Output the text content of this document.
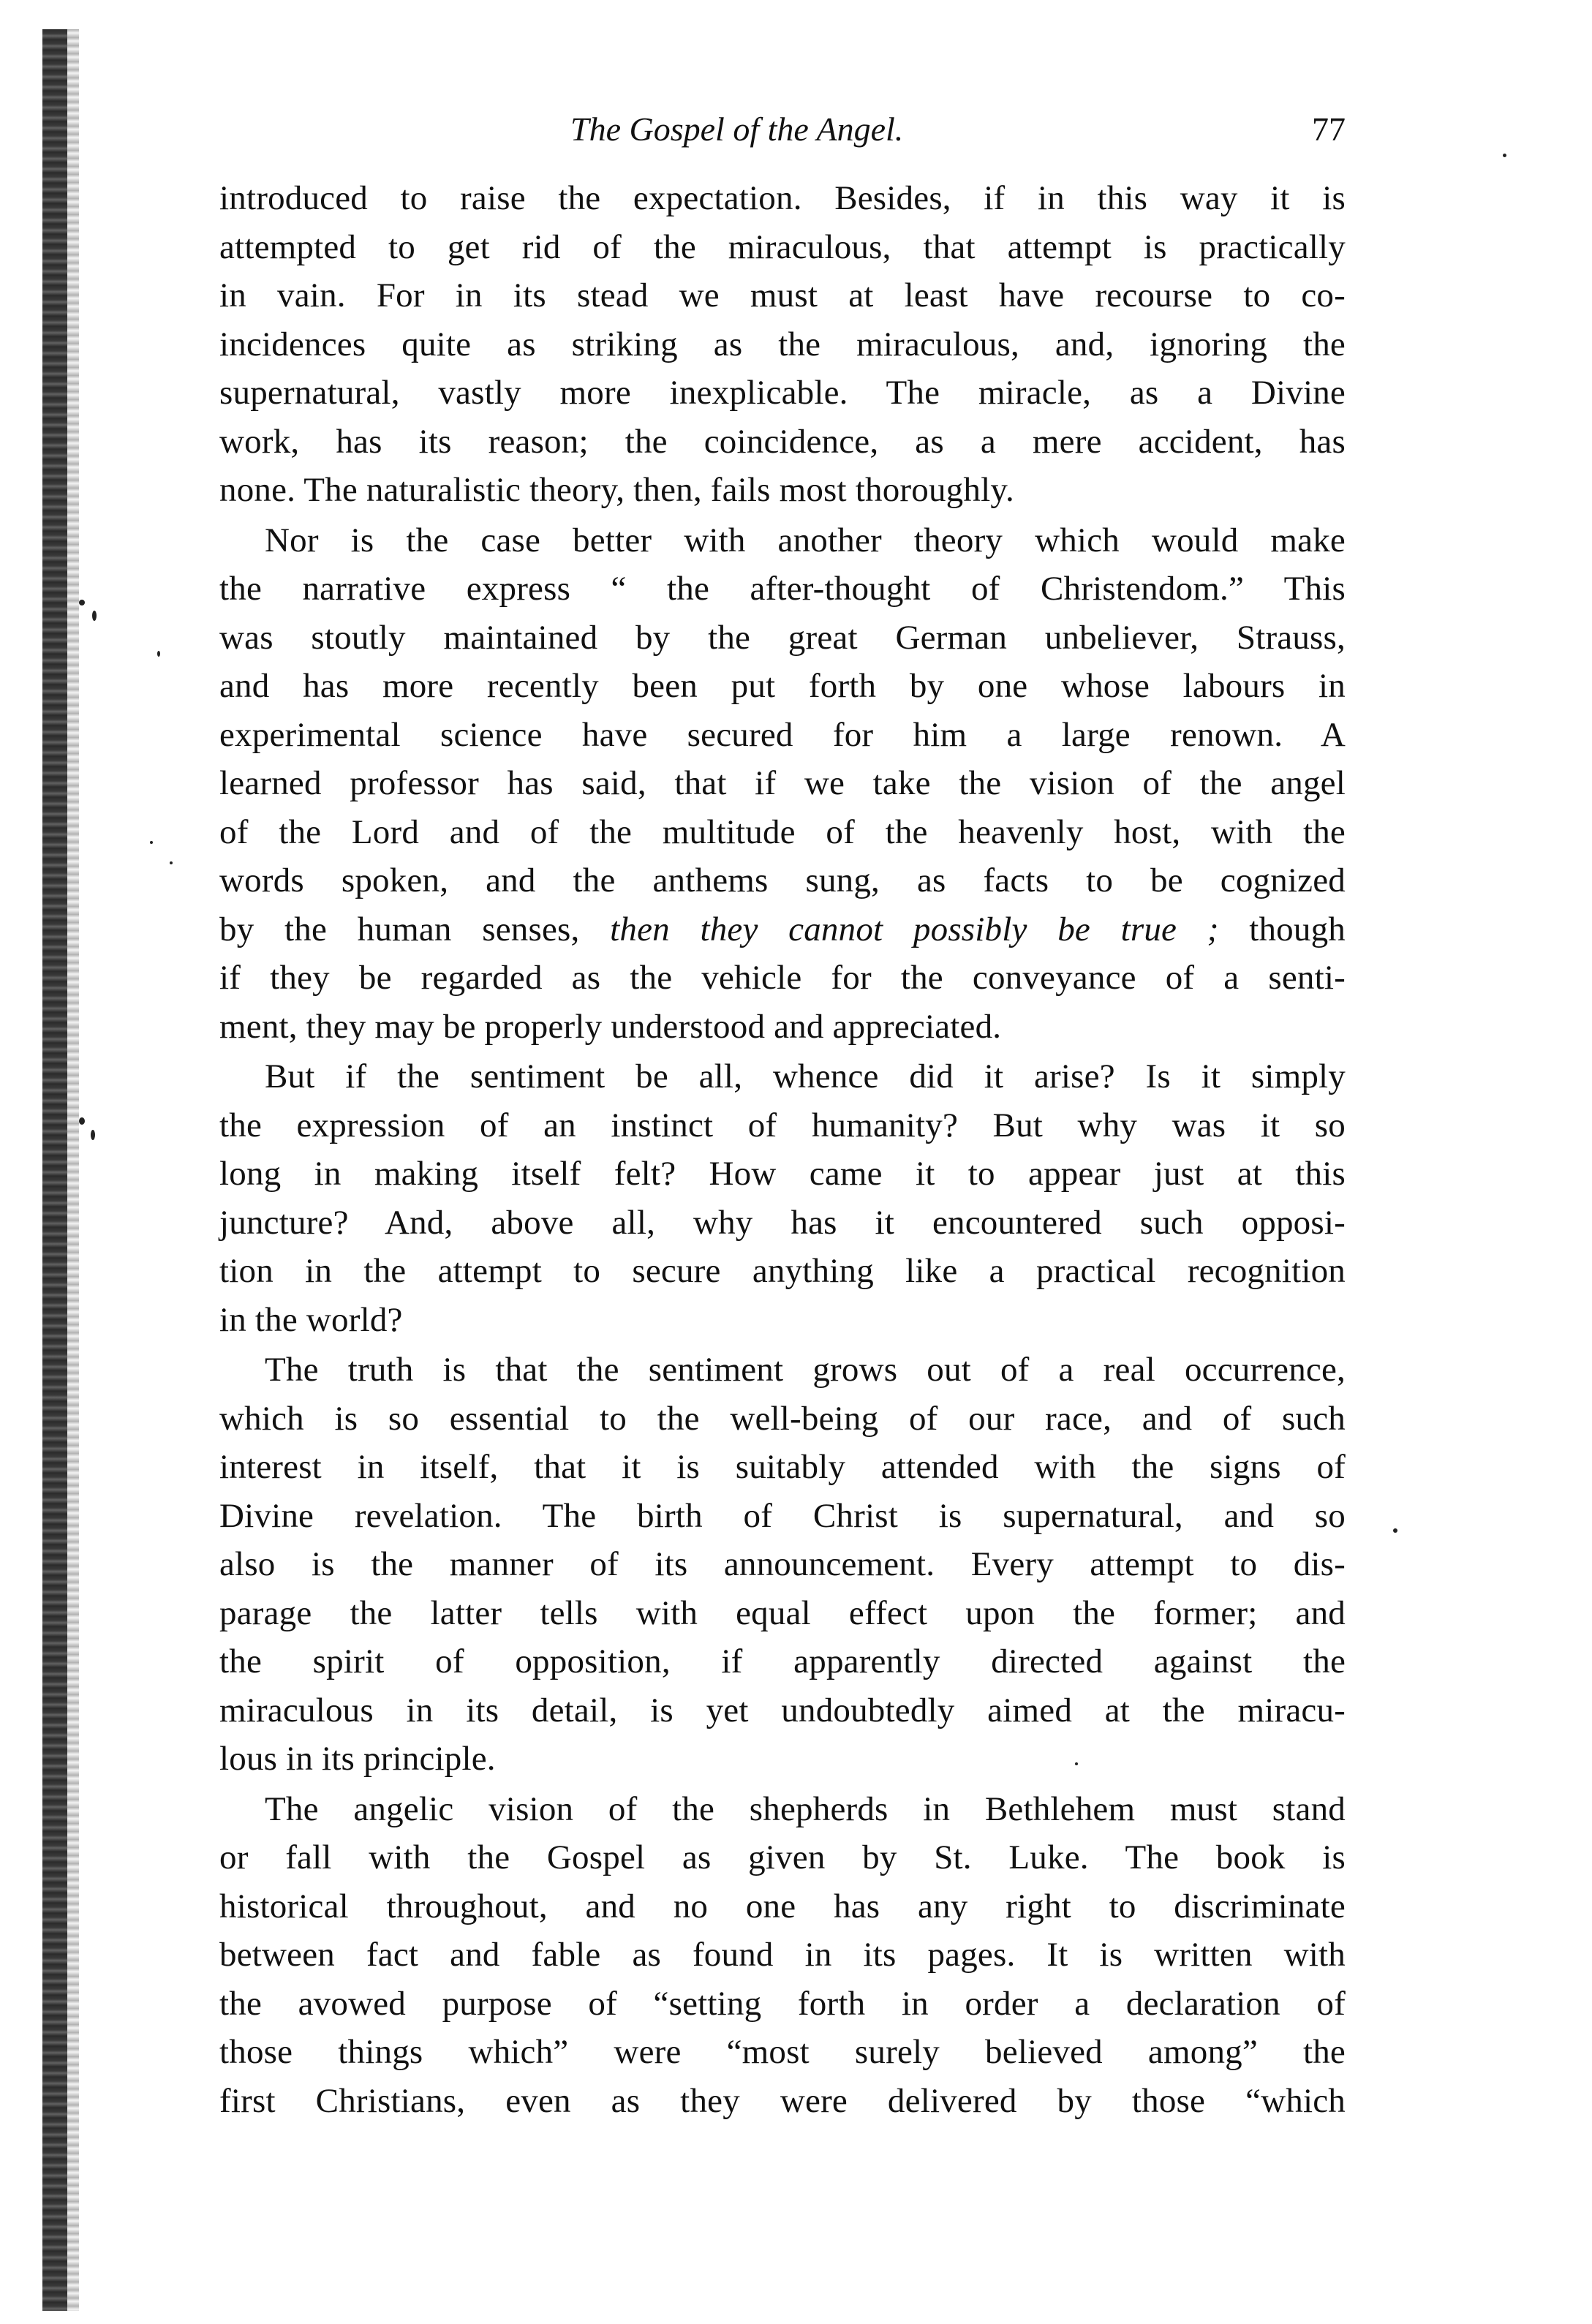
The Gospel of the Angel.	77

introduced to raise the expectation. Besides, if in this way it is
attempted to get rid of the miraculous, that attempt is practically
in vain. For in its stead we must at least have recourse to co-
incidences quite as striking as the miraculous, and, ignoring the
supernatural, vastly more inexplicable. The miracle, as a Divine
work, has its reason; the coincidence, as a mere accident, has
none. The naturalistic theory, then, fails most thoroughly.

Nor is the case better with another theory which would make
the narrative express “ the after-thought of Christendom.” This
was stoutly maintained by the great German unbeliever, Strauss,
and has more recently been put forth by one whose labours in
experimental science have secured for him a large renown. A
learned professor has said, that if we take the vision of the angel
of the Lord and of the multitude of the heavenly host, with the
words spoken, and the anthems sung, as facts to be cognized
by the human senses, then they cannot possibly be true ; though
if they be regarded as the vehicle for the conveyance of a senti-
ment, they may be properly understood and appreciated.

But if the sentiment be all, whence did it arise? Is it simply
the expression of an instinct of humanity? But why was it so
long in making itself felt? How came it to appear just at this
juncture? And, above all, why has it encountered such opposi-
tion in the attempt to secure anything like a practical recognition
in the world?

The truth is that the sentiment grows out of a real occurrence,
which is so essential to the well-being of our race, and of such
interest in itself, that it is suitably attended with the signs of
Divine revelation. The birth of Christ is supernatural, and so
also is the manner of its announcement. Every attempt to dis-
parage the latter tells with equal effect upon the former; and
the spirit of opposition, if apparently directed against the
miraculous in its detail, is yet undoubtedly aimed at the miracu-
lous in its principle.

The angelic vision of the shepherds in Bethlehem must stand
or fall with the Gospel as given by St. Luke. The book is
historical throughout, and no one has any right to discriminate
between fact and fable as found in its pages. It is written with
the avowed purpose of “setting forth in order a declaration of
those things which” were “most surely believed among” the
first Christians, even as they were delivered by those “which
